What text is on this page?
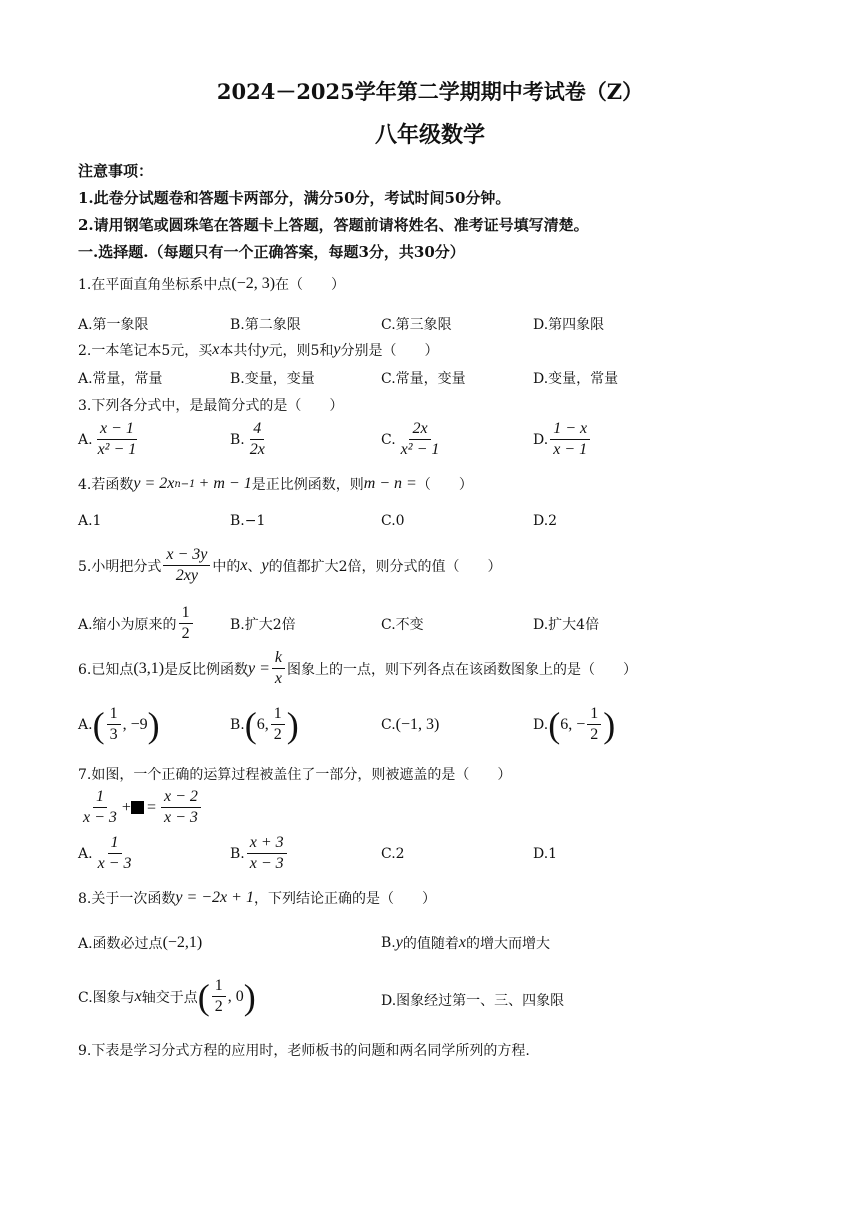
2024－2025学年第二学期期中考试卷（Z）
八年级数学
注意事项：
1.此卷分试题卷和答题卡两部分，满分50分，考试时间50分钟。
2.请用钢笔或圆珠笔在答题卡上答题，答题前请将姓名、准考证号填写清楚。
一.选择题.（每题只有一个正确答案，每题3分，共30分）
1.在平面直角坐标系中点 (−2, 3) 在（　　）
A.第一象限	B.第二象限	C.第三象限	D.第四象限
2.一本笔记本5元，买 x 本共付 y 元，则5和 y 分别是（　　）
A.常量，常量	B.变量，变量	C.常量，变量	D.变量，常量
3.下列各分式中，是最简分式的是（　　）
A. $\frac{x - 1}{\text{x² − 1}}$	B. $\frac{4}{2x}$	C. $\frac{2x}{\text{x² − 1}}$	D. $\frac{1 - x}{x - 1}$
4.若函数 y = 2x n−1 + m − 1 是正比例函数，则 m − n = （　　）
A.1	B.−1	C.0	D.2
5.小明把分式 $\frac{x - 3y}{2xy}$ 中的 x 、 y 的值都扩大2倍，则分式的值（　　）
A.缩小为原来的 $\frac{1}{2}$	B.扩大2倍	C.不变	D.扩大4倍
6.已知点 (3,1) 是反比例函数 $y = \frac{k}{x}$ 图象上的一点，则下列各点在该函数图象上的是（　　）
A. ( $\frac{1}{3}$ , −9 )	B. ( 6, $\frac{1}{2}$ )	C. (−1, 3)	D. ( 6, − $\frac{1}{2}$ )
7.如图，一个正确的运算过程被盖住了一部分，则被遮盖的是（　　）
$\frac{1}{x - 3}$ + = $\frac{x - 2}{x - 3}$
A. $\frac{1}{x - 3}$	B. $\frac{x + 3}{x - 3}$	C.2	D.1
8.关于一次函数 y = −2x + 1 ，下列结论正确的是（　　）
A.函数必过点 (−2,1)	B. y 的值随着 x 的增大而增大
C.图象与 x 轴交于点 ( $\frac{1}{2}$ , 0 )	D.图象经过第一、三、四象限
9.下表是学习分式方程的应用时，老师板书的问题和两名同学所列的方程.
